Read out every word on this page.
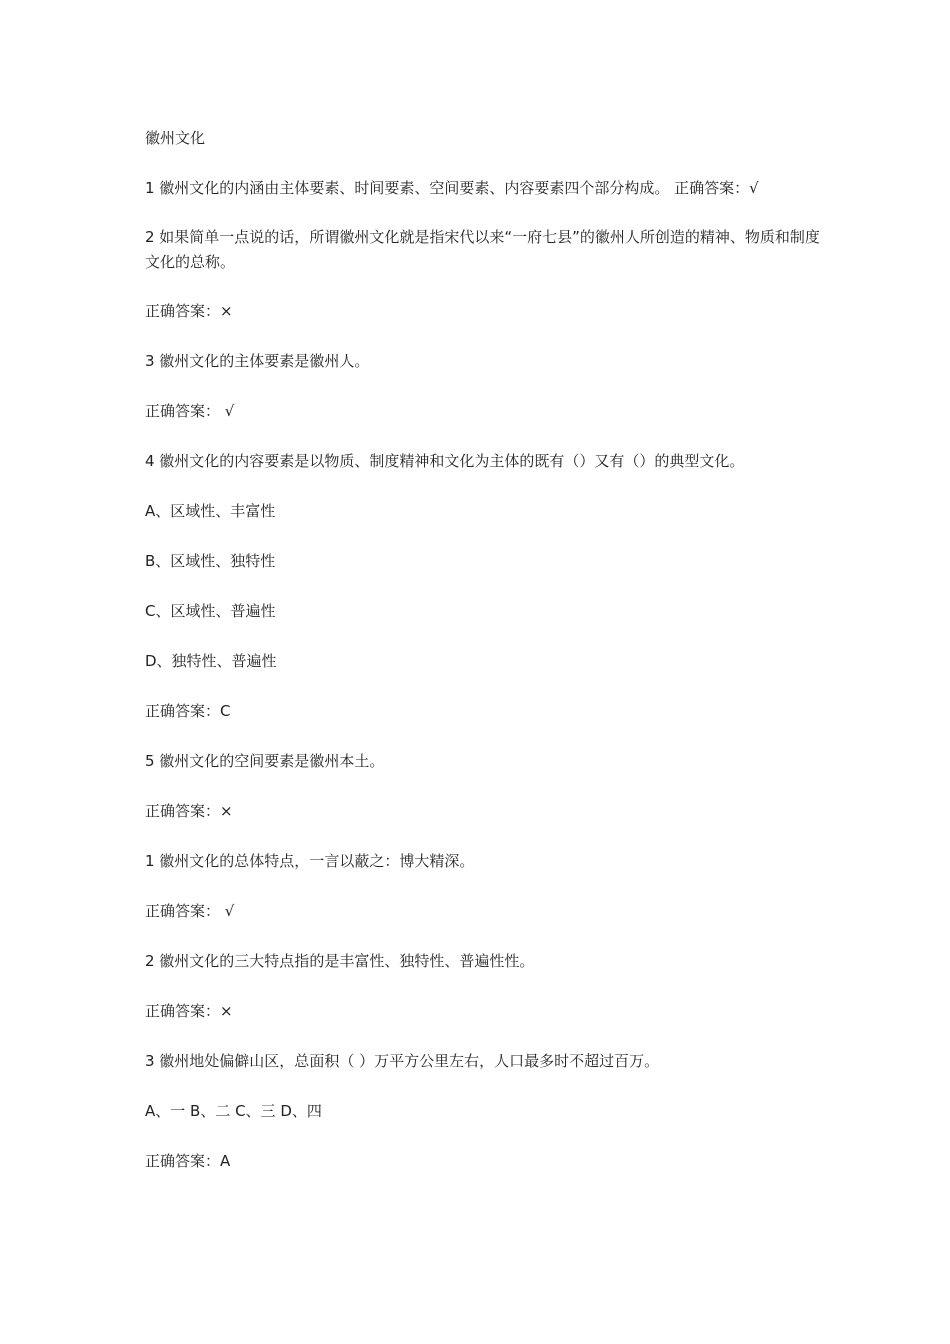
徽州文化

1 徽州文化的内涵由主体要素、时间要素、空间要素、内容要素四个部分构成。 正确答案：√

2 如果简单一点说的话，所谓徽州文化就是指宋代以来“一府七县”的徽州人所创造的精神、物质和制度文化的总称。

正确答案：×

3 徽州文化的主体要素是徽州人。

正确答案： √

4 徽州文化的内容要素是以物质、制度精神和文化为主体的既有（）又有（）的典型文化。

A、区域性、丰富性

B、区域性、独特性

C、区域性、普遍性

D、独特性、普遍性

正确答案：C

5 徽州文化的空间要素是徽州本土。

正确答案：×

1 徽州文化的总体特点，一言以蔽之：博大精深。

正确答案： √

2 徽州文化的三大特点指的是丰富性、独特性、普遍性性。

正确答案：×

3 徽州地处偏僻山区，总面积（ ）万平方公里左右，人口最多时不超过百万。

A、一 B、二 C、三 D、四

正确答案：A
